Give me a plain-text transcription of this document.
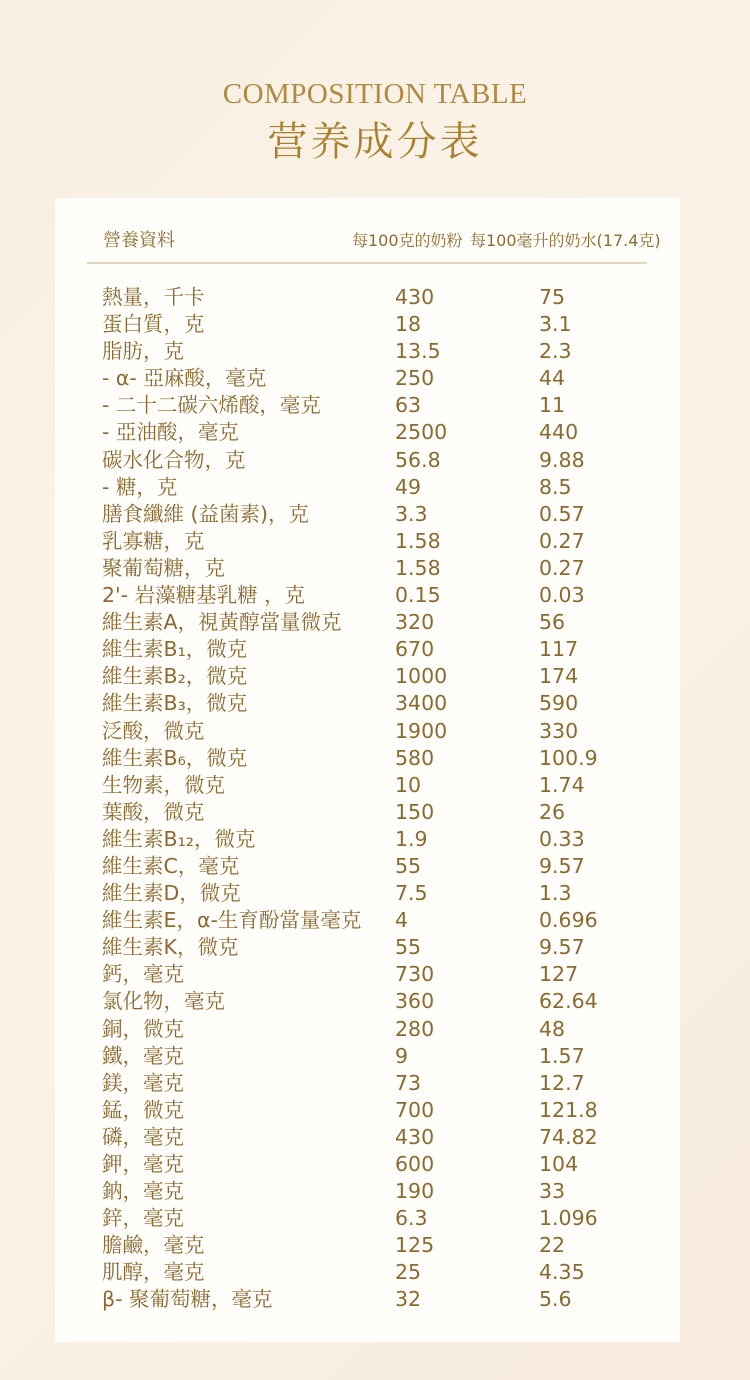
COMPOSITION TABLE
营养成分表
營養資料	每100克的奶粉 每100毫升的奶水(17.4克)
熱量，千卡	430	75
蛋白質，克	18	3.1
脂肪，克	13.5	2.3
- α- 亞麻酸，毫克	250	44
- 二十二碳六烯酸，毫克	63	11
- 亞油酸，毫克	2500	440
碳水化合物，克	56.8	9.88
- 糖，克	49	8.5
膳食纖維 (益菌素)，克	3.3	0.57
乳寡糖，克	1.58	0.27
聚葡萄糖，克	1.58	0.27
2'- 岩藻糖基乳糖 ，克	0.15	0.03
維生素A，視黃醇當量微克	320	56
維生素B₁，微克	670	117
維生素B₂，微克	1000	174
維生素B₃，微克	3400	590
泛酸，微克	1900	330
維生素B₆，微克	580	100.9
生物素，微克	10	1.74
葉酸，微克	150	26
維生素B₁₂，微克	1.9	0.33
維生素C，毫克	55	9.57
維生素D，微克	7.5	1.3
維生素E，α-生育酚當量毫克 4	0.696
維生素K，微克	55	9.57
鈣，毫克	730	127
氯化物，毫克	360	62.64
銅，微克	280	48
鐵，毫克	9	1.57
鎂，毫克	73	12.7
錳，微克	700	121.8
磷，毫克	430	74.82
鉀，毫克	600	104
鈉，毫克	190	33
鋅，毫克	6.3	1.096
膽鹼，毫克	125	22
肌醇，毫克	25	4.35
β- 聚葡萄糖，毫克	32	5.6
